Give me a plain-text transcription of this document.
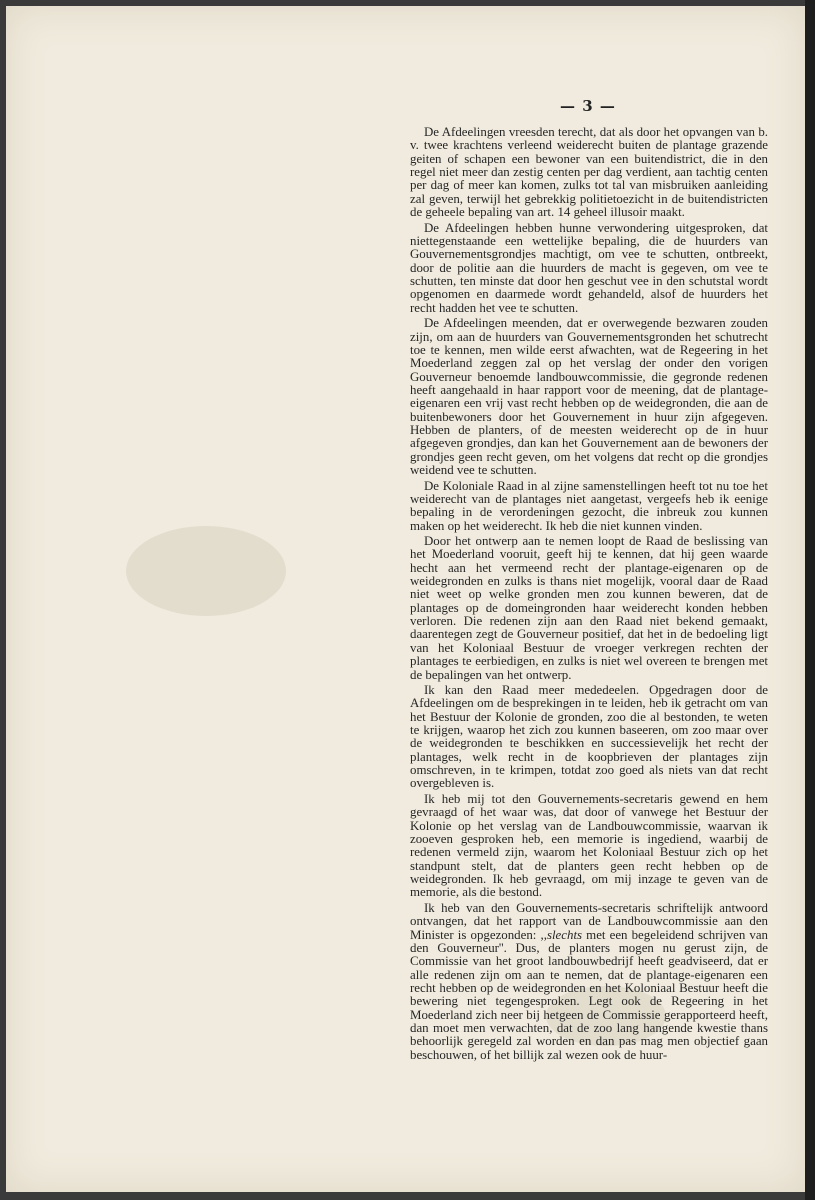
— 3 —

De Afdeelingen vreesden terecht, dat als door het opvangen van b. v. twee krachtens verleend weiderecht buiten de plantage grazende geiten of schapen een bewoner van een buitendistrict, die in den regel niet meer dan zestig centen per dag verdient, aan tachtig centen per dag of meer kan komen, zulks tot tal van misbruiken aanleiding zal geven, terwijl het gebrekkig politietoezicht in de buitendistricten de geheele bepaling van art. 14 geheel illusoir maakt.

De Afdeelingen hebben hunne verwondering uitgesproken, dat niettegenstaande een wettelijke bepaling, die de huurders van Gouvernementsgrondjes machtigt, om vee te schutten, ontbreekt, door de politie aan die huurders de macht is gegeven, om vee te schutten, ten minste dat door hen geschut vee in den schutstal wordt opgenomen en daarmede wordt gehandeld, alsof de huurders het recht hadden het vee te schutten.

De Afdeelingen meenden, dat er overwegende bezwaren zouden zijn, om aan de huurders van Gouvernementsgronden het schutrecht toe te kennen, men wilde eerst afwachten, wat de Regeering in het Moederland zeggen zal op het verslag der onder den vorigen Gouverneur benoemde landbouwcommissie, die gegronde redenen heeft aangehaald in haar rapport voor de meening, dat de plantage-eigenaren een vrij vast recht hebben op de weidegronden, die aan de buitenbewoners door het Gouvernement in huur zijn afgegeven. Hebben de planters, of de meesten weiderecht op de in huur afgegeven grondjes, dan kan het Gouvernement aan de bewoners der grondjes geen recht geven, om het volgens dat recht op die grondjes weidend vee te schutten.

De Koloniale Raad in al zijne samenstellingen heeft tot nu toe het weiderecht van de plantages niet aangetast, vergeefs heb ik eenige bepaling in de verordeningen gezocht, die inbreuk zou kunnen maken op het weiderecht. Ik heb die niet kunnen vinden.

Door het ontwerp aan te nemen loopt de Raad de beslissing van het Moederland vooruit, geeft hij te kennen, dat hij geen waarde hecht aan het vermeend recht der plantage-eigenaren op de weidegronden en zulks is thans niet mogelijk, vooral daar de Raad niet weet op welke gronden men zou kunnen beweren, dat de plantages op de domeingronden haar weiderecht konden hebben verloren. Die redenen zijn aan den Raad niet bekend gemaakt, daarentegen zegt de Gouverneur positief, dat het in de bedoeling ligt van het Koloniaal Bestuur de vroeger verkregen rechten der plantages te eerbiedigen, en zulks is niet wel overeen te brengen met de bepalingen van het ontwerp.

Ik kan den Raad meer mededeelen. Opgedragen door de Afdeelingen om de besprekingen in te leiden, heb ik getracht om van het Bestuur der Kolonie de gronden, zoo die al bestonden, te weten te krijgen, waarop het zich zou kunnen baseeren, om zoo maar over de weidegronden te beschikken en successievelijk het recht der plantages, welk recht in de koopbrieven der plantages zijn omschreven, in te krimpen, totdat zoo goed als niets van dat recht overgebleven is.

Ik heb mij tot den Gouvernements-secretaris gewend en hem gevraagd of het waar was, dat door of vanwege het Bestuur der Kolonie op het verslag van de Landbouwcommissie, waarvan ik zooeven gesproken heb, een memorie is ingediend, waarbij de redenen vermeld zijn, waarom het Koloniaal Bestuur zich op het standpunt stelt, dat de planters geen recht hebben op de weidegronden. Ik heb gevraagd, om mij inzage te geven van de memorie, als die bestond.

Ik heb van den Gouvernements-secretaris schriftelijk antwoord ontvangen, dat het rapport van de Landbouwcommissie aan den Minister is opgezonden: ,,slechts met een begeleidend schrijven van den Gouverneur''. Dus, de planters mogen nu gerust zijn, de Commissie van het groot landbouwbedrijf heeft geadviseerd, dat er alle redenen zijn om aan te nemen, dat de plantage-eigenaren een recht hebben op de weidegronden en het Koloniaal Bestuur heeft die bewering niet tegengesproken. Legt ook de Regeering in het Moederland zich neer bij hetgeen de Commissie gerapporteerd heeft, dan moet men verwachten, dat de zoo lang hangende kwestie thans behoorlijk geregeld zal worden en dan pas mag men objectief gaan beschouwen, of het billijk zal wezen ook de huur-
